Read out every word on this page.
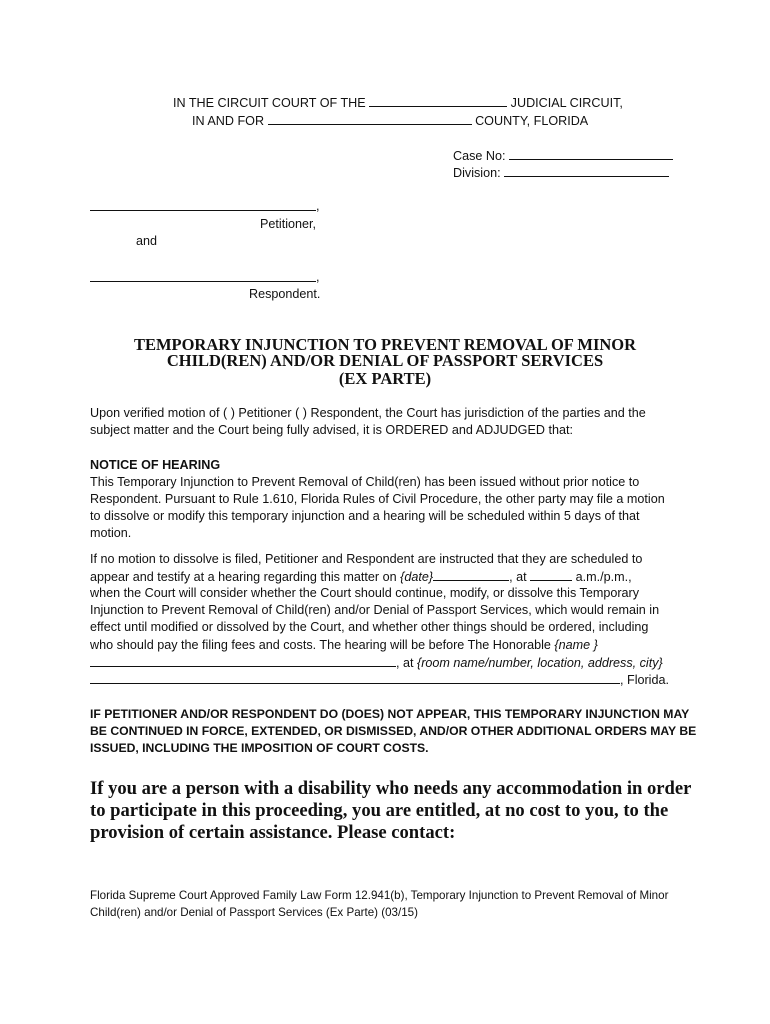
IN THE CIRCUIT COURT OF THE	JUDICIAL CIRCUIT,
IN AND FOR	COUNTY, FLORIDA
Case No:
Division:
,
Petitioner,
and
,
Respondent.
TEMPORARY INJUNCTION TO PREVENT REMOVAL OF MINOR
CHILD(REN) AND/OR DENIAL OF PASSPORT SERVICES
(EX PARTE)
Upon verified motion of ( ) Petitioner ( ) Respondent, the Court has jurisdiction of the parties and the
subject matter and the Court being fully advised, it is ORDERED and ADJUDGED that:
NOTICE OF HEARING
This Temporary Injunction to Prevent Removal of Child(ren) has been issued without prior notice to
Respondent. Pursuant to Rule 1.610, Florida Rules of Civil Procedure, the other party may file a motion
to dissolve or modify this temporary injunction and a hearing will be scheduled within 5 days of that
motion.
If no motion to dissolve is filed, Petitioner and Respondent are instructed that they are scheduled to
appear and testify at a hearing regarding this matter on {date}	, at	a.m./p.m.,
when the Court will consider whether the Court should continue, modify, or dissolve this Temporary
Injunction to Prevent Removal of Child(ren) and/or Denial of Passport Services, which would remain in
effect until modified or dissolved by the Court, and whether other things should be ordered, including
who should pay the filing fees and costs. The hearing will be before The Honorable {name }
, at {room name/number, location, address, city}
, Florida.
IF PETITIONER AND/OR RESPONDENT DO (DOES) NOT APPEAR, THIS TEMPORARY INJUNCTION MAY
BE CONTINUED IN FORCE, EXTENDED, OR DISMISSED, AND/OR OTHER ADDITIONAL ORDERS MAY BE
ISSUED, INCLUDING THE IMPOSITION OF COURT COSTS.
If you are a person with a disability who needs any accommodation in order
to participate in this proceeding, you are entitled, at no cost to you, to the
provision of certain assistance. Please contact:
Florida Supreme Court Approved Family Law Form 12.941(b), Temporary Injunction to Prevent Removal of Minor
Child(ren) and/or Denial of Passport Services (Ex Parte) (03/15)
